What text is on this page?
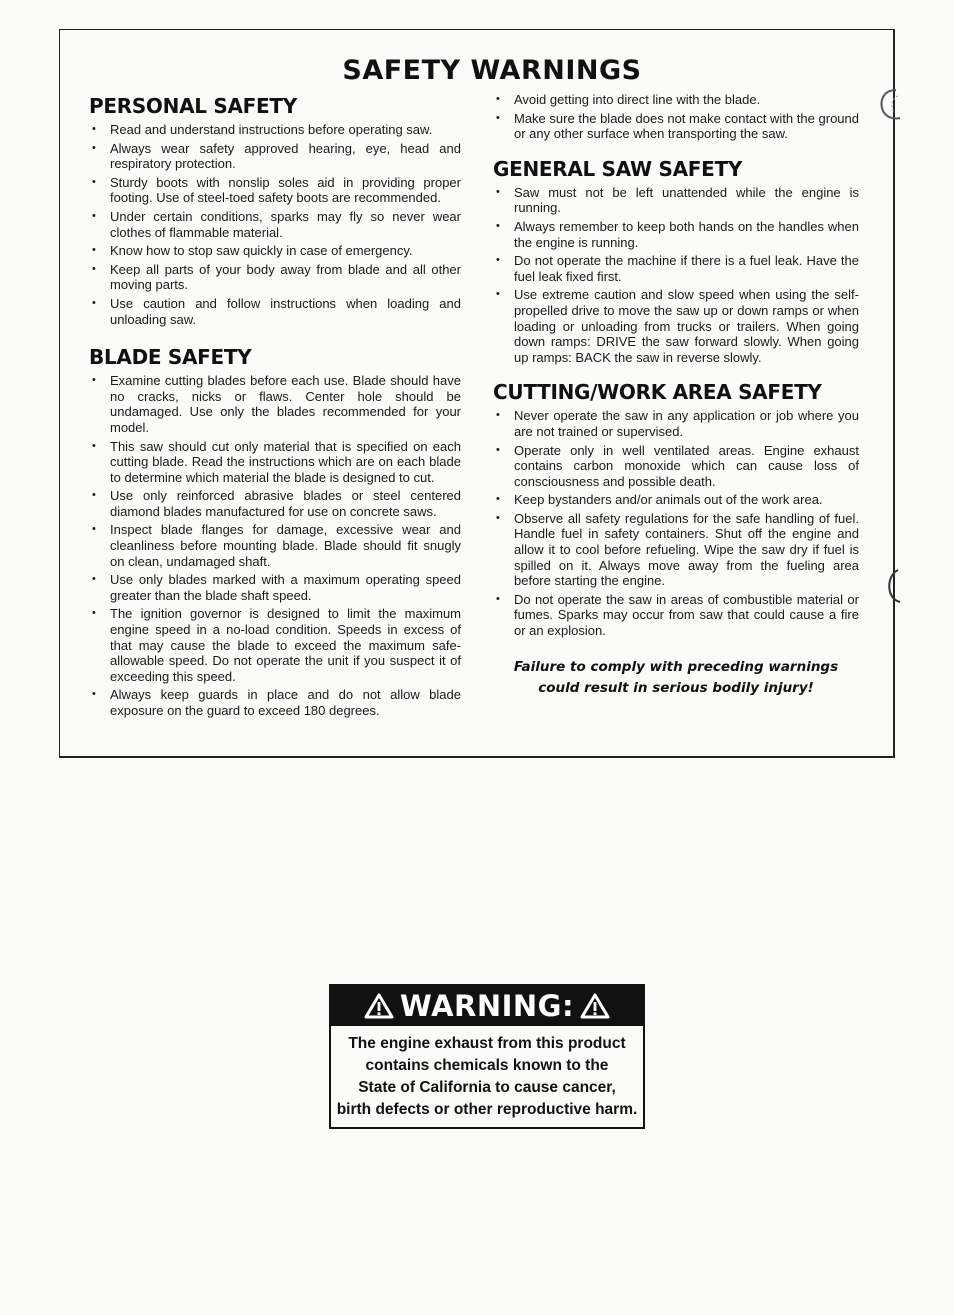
SAFETY WARNINGS
PERSONAL SAFETY
• Read and understand instructions before operating saw.
• Always wear safety approved hearing, eye, head and respiratory protection.
• Sturdy boots with nonslip soles aid in providing proper footing. Use of steel-toed safety boots are recommended.
• Under certain conditions, sparks may fly so never wear clothes of flammable material.
• Know how to stop saw quickly in case of emergency.
• Keep all parts of your body away from blade and all other moving parts.
• Use caution and follow instructions when loading and unloading saw.
BLADE SAFETY
• Examine cutting blades before each use. Blade should have no cracks, nicks or flaws. Center hole should be undamaged. Use only the blades recommended for your model.
• This saw should cut only material that is specified on each cutting blade. Read the instructions which are on each blade to determine which material the blade is designed to cut.
• Use only reinforced abrasive blades or steel centered diamond blades manufactured for use on concrete saws.
• Inspect blade flanges for damage, excessive wear and cleanliness before mounting blade. Blade should fit snugly on clean, undamaged shaft.
• Use only blades marked with a maximum operating speed greater than the blade shaft speed.
• The ignition governor is designed to limit the maximum engine speed in a no-load condition. Speeds in excess of that may cause the blade to exceed the maximum safe-allowable speed. Do not operate the unit if you suspect it of exceeding this speed.
• Always keep guards in place and do not allow blade exposure on the guard to exceed 180 degrees.
• Avoid getting into direct line with the blade.
• Make sure the blade does not make contact with the ground or any other surface when transporting the saw.
GENERAL SAW SAFETY
• Saw must not be left unattended while the engine is running.
• Always remember to keep both hands on the handles when the engine is running.
• Do not operate the machine if there is a fuel leak. Have the fuel leak fixed first.
• Use extreme caution and slow speed when using the self-propelled drive to move the saw up or down ramps or when loading or unloading from trucks or trailers. When going down ramps: DRIVE the saw forward slowly. When going up ramps: BACK the saw in reverse slowly.
CUTTING/WORK AREA SAFETY
• Never operate the saw in any application or job where you are not trained or supervised.
• Operate only in well ventilated areas. Engine exhaust contains carbon monoxide which can cause loss of consciousness and possible death.
• Keep bystanders and/or animals out of the work area.
• Observe all safety regulations for the safe handling of fuel. Handle fuel in safety containers. Shut off the engine and allow it to cool before refueling. Wipe the saw dry if fuel is spilled on it. Always move away from the fueling area before starting the engine.
• Do not operate the saw in areas of combustible material or fumes. Sparks may occur from saw that could cause a fire or an explosion.

Failure to comply with preceding warnings
could result in serious bodily injury!

WARNING:
The engine exhaust from this product
contains chemicals known to the
State of California to cause cancer,
birth defects or other reproductive harm.
